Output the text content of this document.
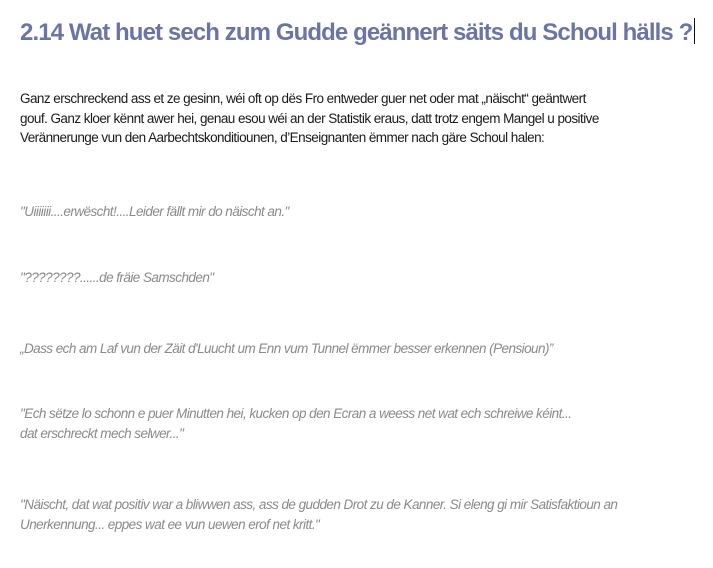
2.14 Wat huet sech zum Gudde geännert säits du Schoul hälls ?

Ganz erschreckend ass et ze gesinn, wéi oft op dës Fro entweder guer net oder mat „näischt“ geäntwert
gouf. Ganz kloer kënnt awer hei, genau esou wéi an der Statistik eraus, datt trotz engem Mangel u positive
Verännerunge vun den Aarbechtskonditiounen, d’Enseignanten ëmmer nach gäre Schoul halen:

"Uiiiiiii....erwëscht!....Leider fällt mir do näischt an."

"????????......de fräie Samschden"

„Dass ech am Laf vun der Zäit d'Luucht um Enn vum Tunnel ëmmer besser erkennen (Pensioun)”

"Ech sëtze lo schonn e puer Minutten hei, kucken op den Ecran a weess net wat ech schreiwe kéint...
dat erschreckt mech selwer..."

"Näischt, dat wat positiv war a bliwwen ass, ass de gudden Drot zu de Kanner. Si eleng gi mir Satisfaktioun an
Unerkennung... eppes wat ee vun uewen erof net kritt."
